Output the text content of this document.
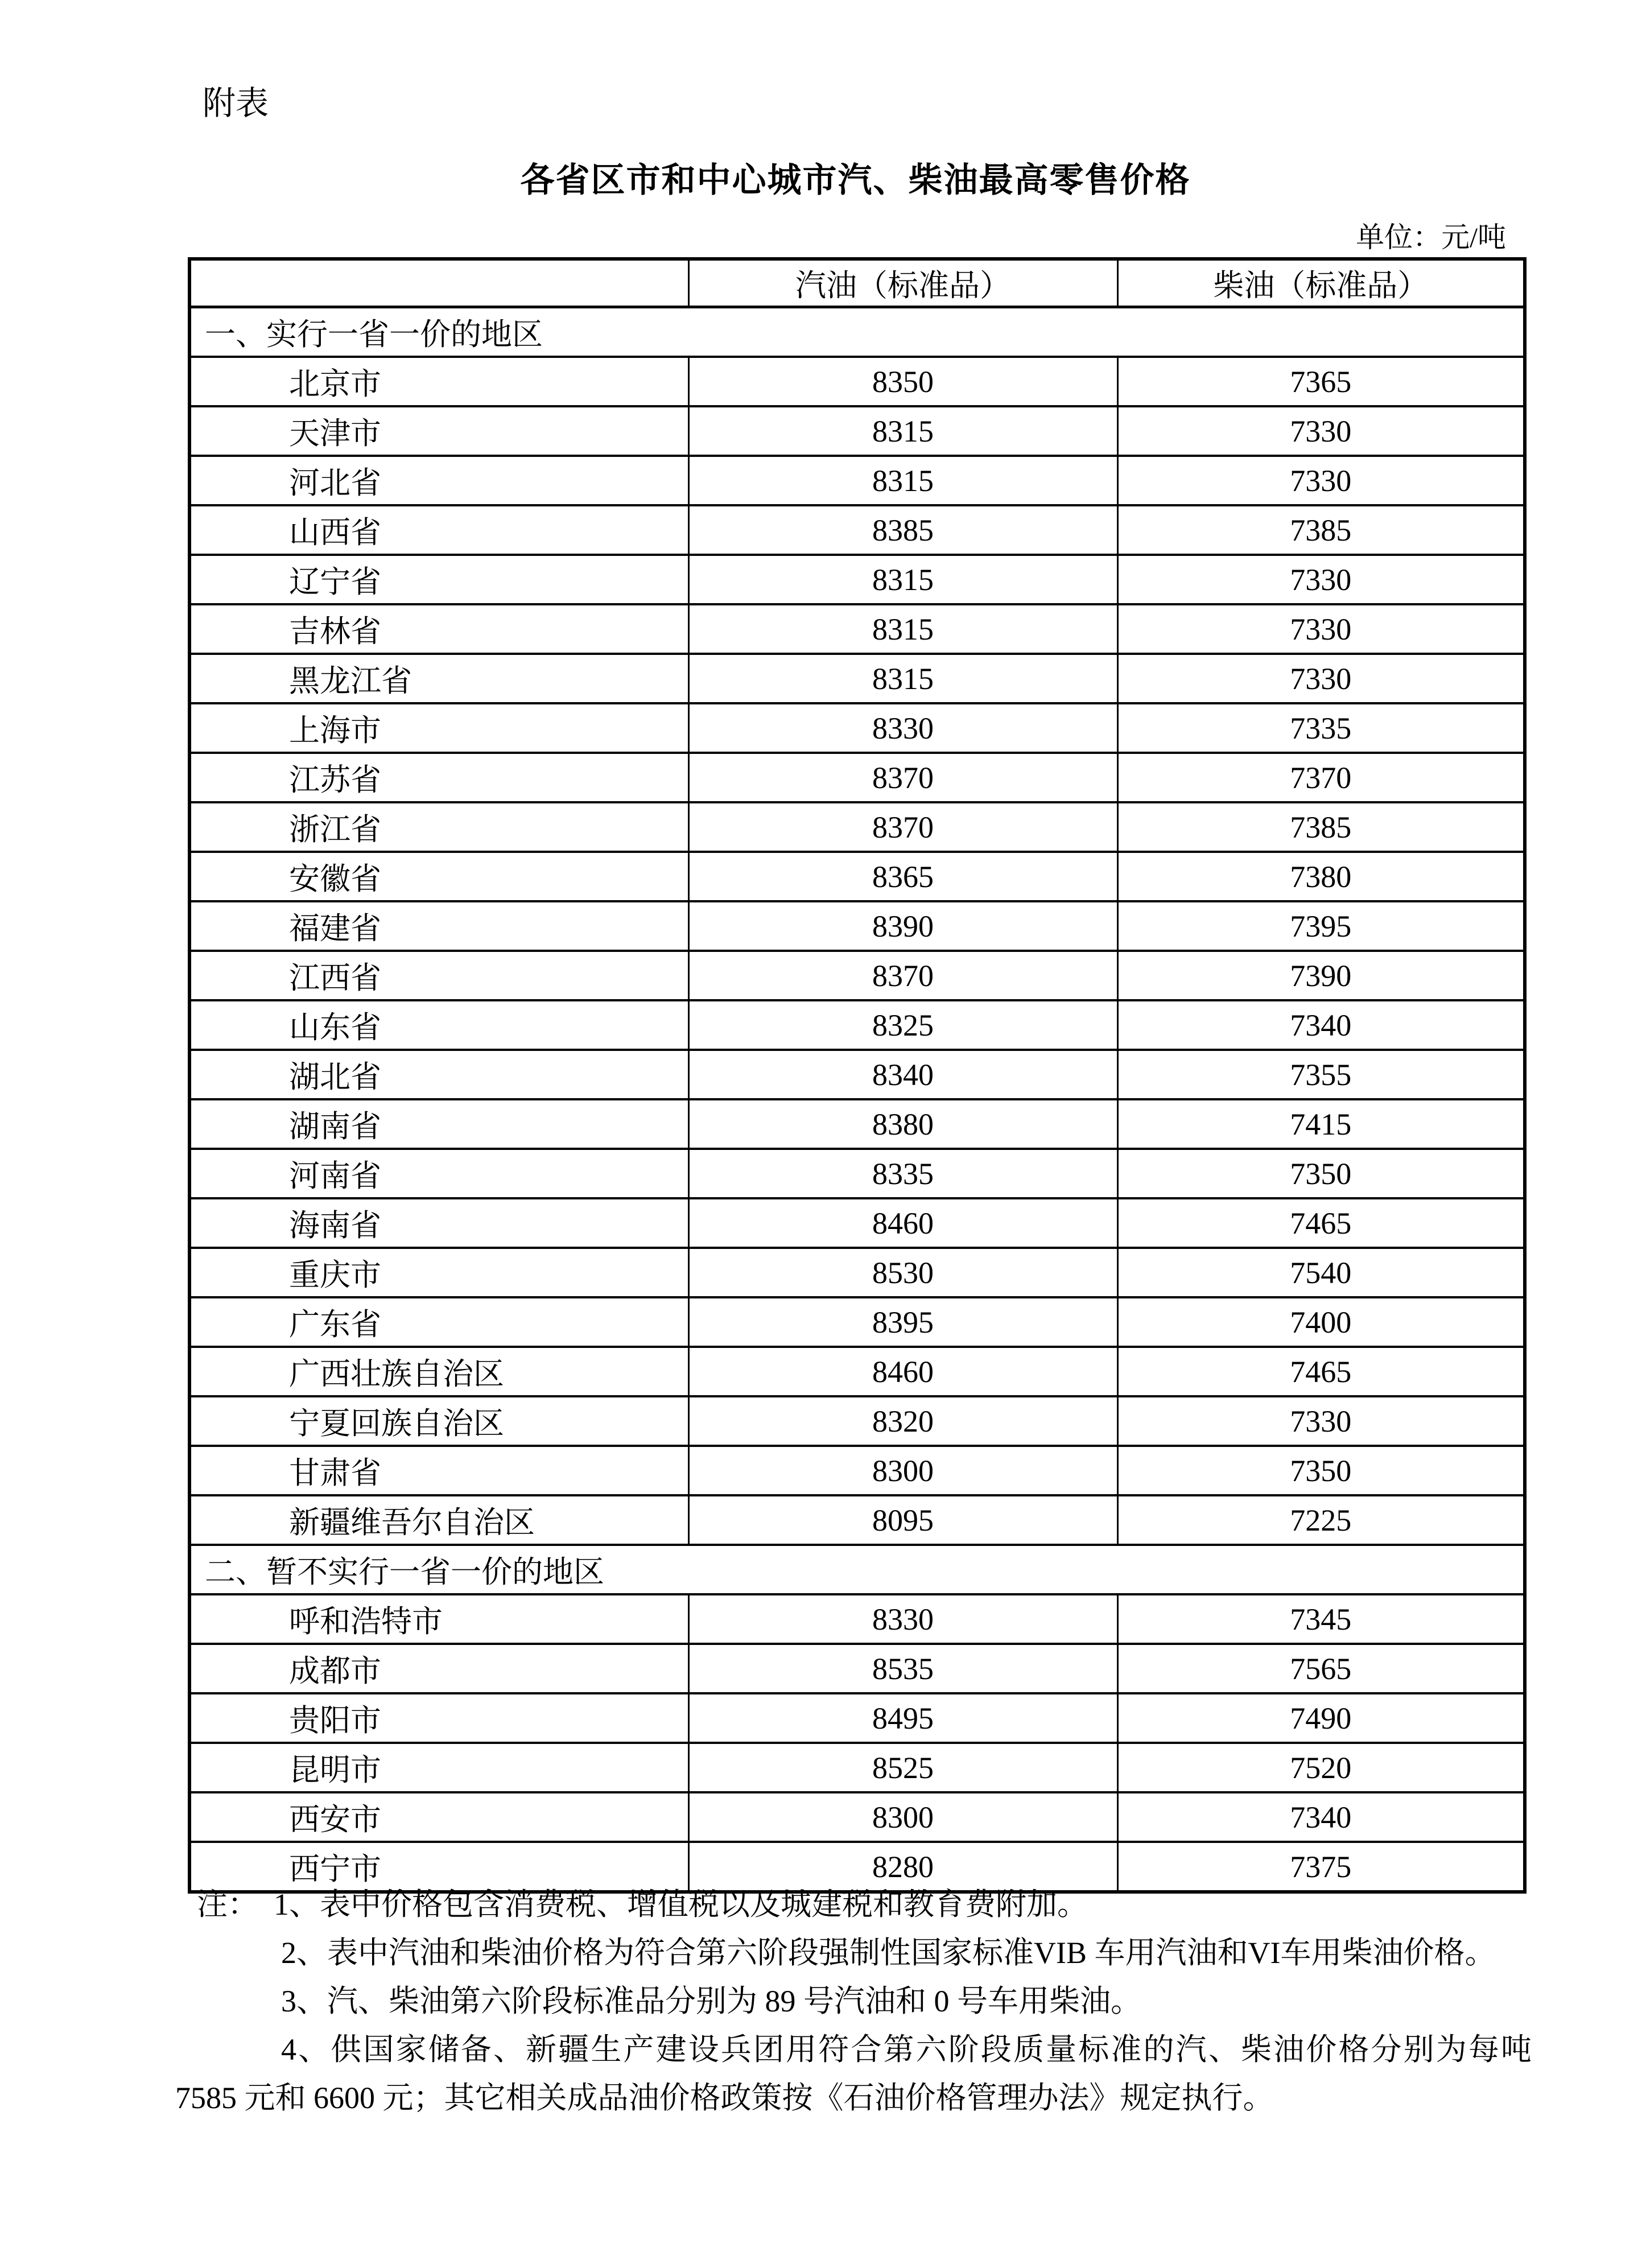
附表
各省区市和中心城市汽、柴油最高零售价格
单位：元/吨
	汽油（标准品）	柴油（标准品）
一、实行一省一价的地区		
北京市	8350	7365
天津市	8315	7330
河北省	8315	7330
山西省	8385	7385
辽宁省	8315	7330
吉林省	8315	7330
黑龙江省	8315	7330
上海市	8330	7335
江苏省	8370	7370
浙江省	8370	7385
安徽省	8365	7380
福建省	8390	7395
江西省	8370	7390
山东省	8325	7340
湖北省	8340	7355
湖南省	8380	7415
河南省	8335	7350
海南省	8460	7465
重庆市	8530	7540
广东省	8395	7400
广西壮族自治区	8460	7465
宁夏回族自治区	8320	7330
甘肃省	8300	7350
新疆维吾尔自治区	8095	7225
二、暂不实行一省一价的地区		
呼和浩特市	8330	7345
成都市	8535	7565
贵阳市	8495	7490
昆明市	8525	7520
西安市	8300	7340
西宁市	8280	7375

注：　1、表中价格包含消费税、增值税以及城建税和教育费附加。

2、表中汽油和柴油价格为符合第六阶段强制性国家标准VIB 车用汽油和VI车用柴油价格。

3、汽、柴油第六阶段标准品分别为 89 号汽油和 0 号车用柴油。

4、供国家储备、新疆生产建设兵团用符合第六阶段质量标准的汽、柴油价格分别为每吨 7585 元和 6600 元；其它相关成品油价格政策按《石油价格管理办法》规定执行。
